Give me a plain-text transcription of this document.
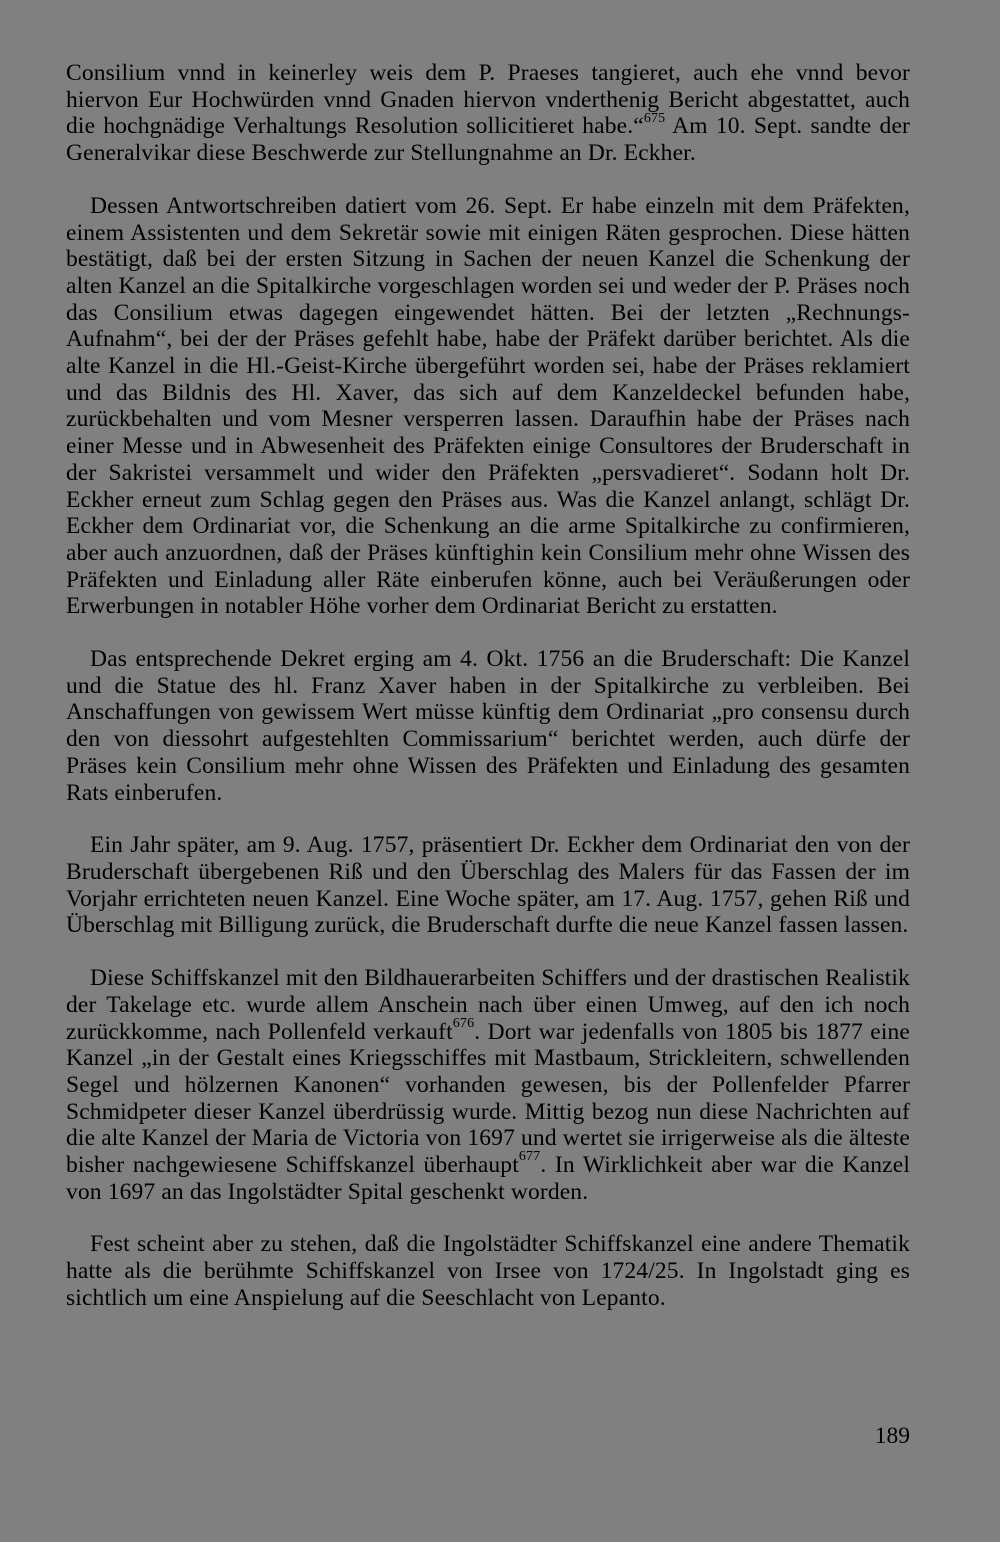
Consilium vnnd in keinerley weis dem P. Praeses tangieret, auch ehe vnnd bevor hiervon Eur Hochwürden vnnd Gnaden hiervon vnderthenig Bericht abgestattet, auch die hochgnädige Verhaltungs Resolution sollicitieret habe.“$^{675}$ Am 10. Sept. sandte der Generalvikar diese Beschwerde zur Stellungnahme an Dr. Eckher.

Dessen Antwortschreiben datiert vom 26. Sept. Er habe einzeln mit dem Präfekten, einem Assistenten und dem Sekretär sowie mit einigen Räten gesprochen. Diese hätten bestätigt, daß bei der ersten Sitzung in Sachen der neuen Kanzel die Schenkung der alten Kanzel an die Spitalkirche vorgeschlagen worden sei und weder der P. Präses noch das Consilium etwas dagegen eingewendet hätten. Bei der letzten „Rechnungs-Aufnahm“, bei der der Präses gefehlt habe, habe der Präfekt darüber berichtet. Als die alte Kanzel in die Hl.-Geist-Kirche übergeführt worden sei, habe der Präses reklamiert und das Bildnis des Hl. Xaver, das sich auf dem Kanzeldeckel befunden habe, zurückbehalten und vom Mesner versperren lassen. Daraufhin habe der Präses nach einer Messe und in Abwesenheit des Präfekten einige Consultores der Bruderschaft in der Sakristei versammelt und wider den Präfekten „persvadieret“. Sodann holt Dr. Eckher erneut zum Schlag gegen den Präses aus. Was die Kanzel anlangt, schlägt Dr. Eckher dem Ordinariat vor, die Schenkung an die arme Spitalkirche zu confirmieren, aber auch anzuordnen, daß der Präses künftighin kein Consilium mehr ohne Wissen des Präfekten und Einladung aller Räte einberufen könne, auch bei Veräußerungen oder Erwerbungen in notabler Höhe vorher dem Ordinariat Bericht zu erstatten.

Das entsprechende Dekret erging am 4. Okt. 1756 an die Bruderschaft: Die Kanzel und die Statue des hl. Franz Xaver haben in der Spitalkirche zu verbleiben. Bei Anschaffungen von gewissem Wert müsse künftig dem Ordinariat „pro consensu durch den von diessohrt aufgestehlten Commissarium“ berichtet werden, auch dürfe der Präses kein Consilium mehr ohne Wissen des Präfekten und Einladung des gesamten Rats einberufen.

Ein Jahr später, am 9. Aug. 1757, präsentiert Dr. Eckher dem Ordinariat den von der Bruderschaft übergebenen Riß und den Überschlag des Malers für das Fassen der im Vorjahr errichteten neuen Kanzel. Eine Woche später, am 17. Aug. 1757, gehen Riß und Überschlag mit Billigung zurück, die Bruderschaft durfte die neue Kanzel fassen lassen.

Diese Schiffskanzel mit den Bildhauerarbeiten Schiffers und der drastischen Realistik der Takelage etc. wurde allem Anschein nach über einen Umweg, auf den ich noch zurückkomme, nach Pollenfeld verkauft$^{676}$. Dort war jedenfalls von 1805 bis 1877 eine Kanzel „in der Gestalt eines Kriegsschiffes mit Mastbaum, Strickleitern, schwellenden Segel und hölzernen Kanonen“ vorhanden gewesen, bis der Pollenfelder Pfarrer Schmidpeter dieser Kanzel überdrüssig wurde. Mittig bezog nun diese Nachrichten auf die alte Kanzel der Maria de Victoria von 1697 und wertet sie irrigerweise als die älteste bisher nachgewiesene Schiffskanzel überhaupt$^{677}$. In Wirklichkeit aber war die Kanzel von 1697 an das Ingolstädter Spital geschenkt worden.

Fest scheint aber zu stehen, daß die Ingolstädter Schiffskanzel eine andere Thematik hatte als die berühmte Schiffskanzel von Irsee von 1724/25. In Ingolstadt ging es sichtlich um eine Anspielung auf die Seeschlacht von Lepanto.

189
